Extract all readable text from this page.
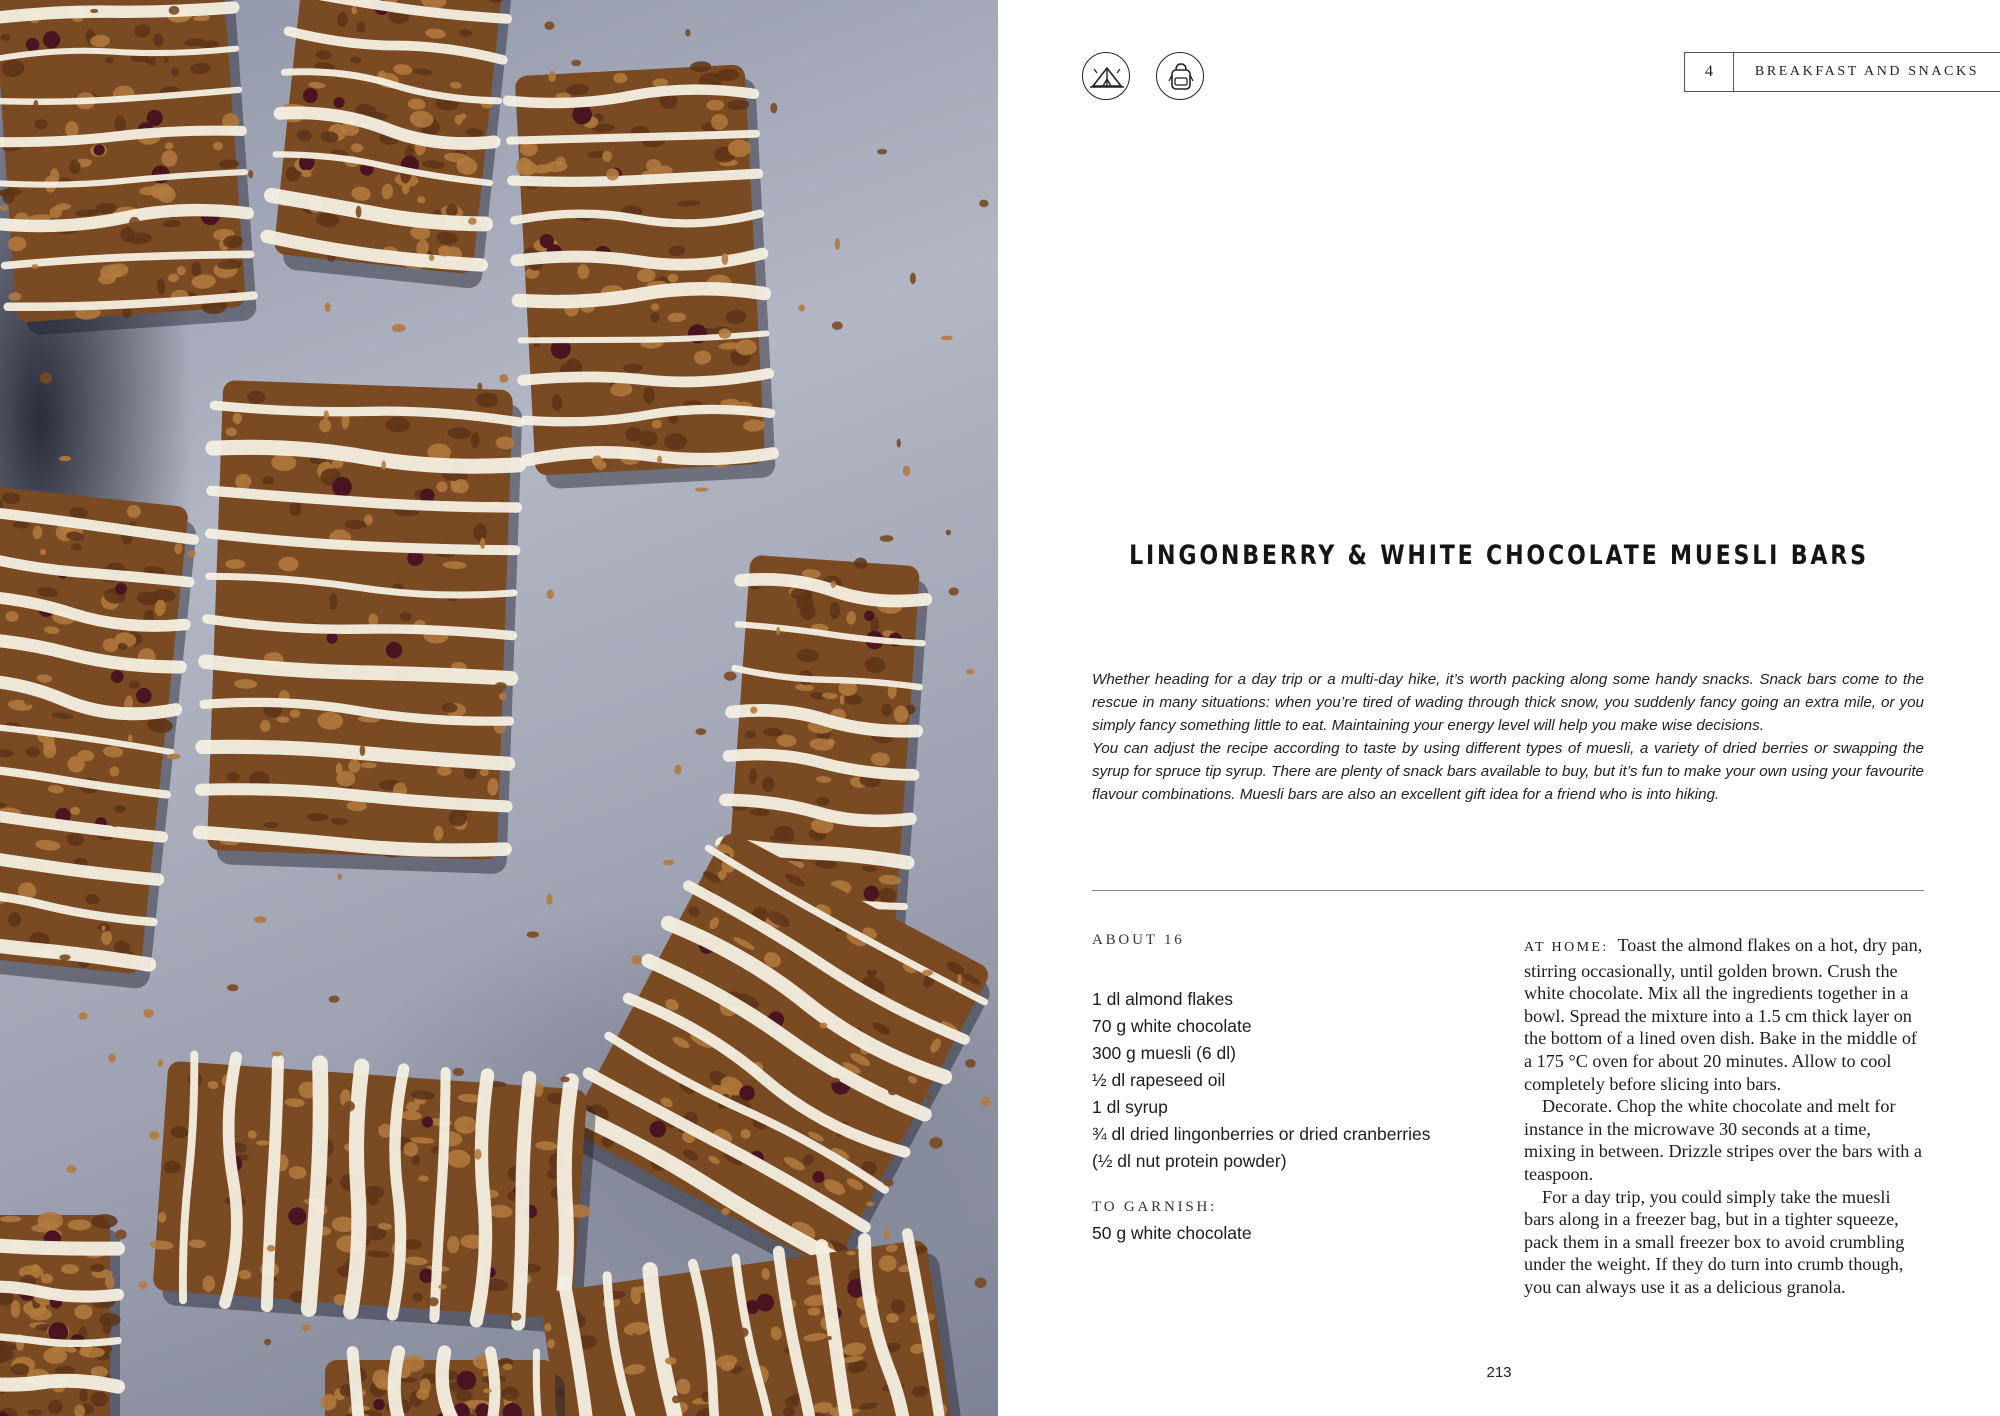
4	BREAKFAST AND SNACKS
LINGONBERRY & WHITE CHOCOLATE MUESLI BARS

Whether heading for a day trip or a multi-day hike, it’s worth packing along some handy snacks. Snack bars come to the rescue in many situations: when you’re tired of wading through thick snow, you suddenly fancy going an extra mile, or you simply fancy something little to eat. Maintaining your energy level will help you make wise decisions.

You can adjust the recipe according to taste by using different types of muesli, a variety of dried berries or swapping the syrup for spruce tip syrup. There are plenty of snack bars available to buy, but it’s fun to make your own using your favourite flavour combinations. Muesli bars are also an excellent gift idea for a friend who is into hiking.

ABOUT 16
1 dl almond flakes
70 g white chocolate
300 g muesli (6 dl)
½ dl rapeseed oil
1 dl syrup
¾ dl dried lingonberries or dried cranberries
(½ dl nut protein powder)
TO GARNISH:
50 g white chocolate

AT HOME: Toast the almond flakes on a hot, dry pan, stirring occasionally, until golden brown. Crush the white chocolate. Mix all the ingredients together in a bowl. Spread the mixture into a 1.5 cm thick layer on the bottom of a lined oven dish. Bake in the middle of a 175 °C oven for about 20 minutes. Allow to cool completely before slicing into bars.

Decorate. Chop the white chocolate and melt for instance in the microwave 30 seconds at a time, mixing in between. Drizzle stripes over the bars with a teaspoon.

For a day trip, you could simply take the muesli bars along in a freezer bag, but in a tighter squeeze, pack them in a small freezer box to avoid crumbling under the weight. If they do turn into crumb though, you can always use it as a delicious granola.

213
